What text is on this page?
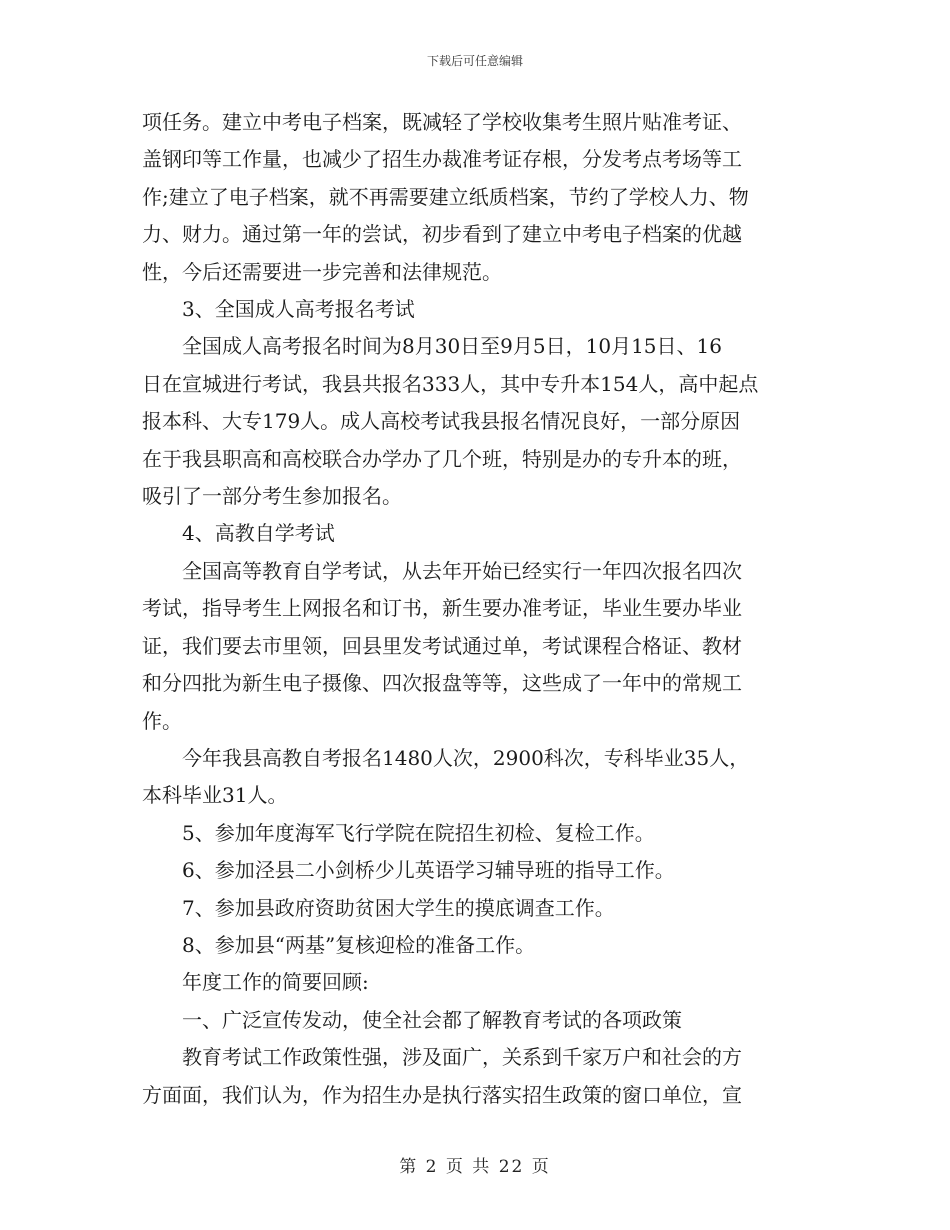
下载后可任意编辑

项任务。建立中考电子档案，既减轻了学校收集考生照片贴准考证、

盖钢印等工作量，也减少了招生办裁准考证存根，分发考点考场等工

作;建立了电子档案，就不再需要建立纸质档案，节约了学校人力、物

力、财力。通过第一年的尝试，初步看到了建立中考电子档案的优越

性，今后还需要进一步完善和法律规范。

　　3、全国成人高考报名考试

　　全国成人高考报名时间为8月30日至9月5日，10月15日、16

日在宣城进行考试，我县共报名333人，其中专升本154人，高中起点

报本科、大专179人。成人高校考试我县报名情况良好，一部分原因

在于我县职高和高校联合办学办了几个班，特别是办的专升本的班，

吸引了一部分考生参加报名。

　　4、高教自学考试

　　全国高等教育自学考试，从去年开始已经实行一年四次报名四次

考试，指导考生上网报名和订书，新生要办准考证，毕业生要办毕业

证，我们要去市里领，回县里发考试通过单，考试课程合格证、教材

和分四批为新生电子摄像、四次报盘等等，这些成了一年中的常规工

作。

　　今年我县高教自考报名1480人次，2900科次，专科毕业35人，

本科毕业31人。

　　5、参加年度海军飞行学院在院招生初检、复检工作。

　　6、参加泾县二小剑桥少儿英语学习辅导班的指导工作。

　　7、参加县政府资助贫困大学生的摸底调查工作。

　　8、参加县“两基”复核迎检的准备工作。

　　年度工作的简要回顾:

　　一、广泛宣传发动，使全社会都了解教育考试的各项政策

　　教育考试工作政策性强，涉及面广，关系到千家万户和社会的方

方面面，我们认为，作为招生办是执行落实招生政策的窗口单位，宣

第 2 页 共 22 页
